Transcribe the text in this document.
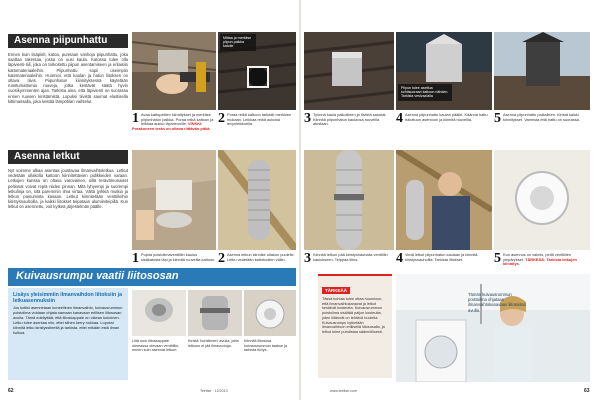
Asenna piipunhattu
Ennen kuin lisäpiirit, katoa, puretaan vanhoja piipunhattu, joka saattaa rakentaa, jossa on uusi kaula. Katossa tulee olla läpivienti-tiili, joka on tarkoitettu piipun asentamiseen ja erilaisiin kattomateriaaleihin. Piipunhattu sopii useimpiin katemateriaaleihin. Huomioi, että kaulan ja hatun liitoksen on oltava tiivis. Piipunhatun kiinnityksessä käytetään ruostumattomia ruuveja, jotka kestävät säätä hyvin vuosikymmenten ajan. Tarkista aina, että läpivienti on suorassa ennen ruuvien kiristämistä. Lopuksi tiivistä saumat elastisella kittimassalla, joka kestää lämpötilan vaihtelut.
Asenna letkut
Nyt voimme alkaa asentaa joustavaa ilmanvaihtoletkua. Letkut vedetään ullakolla kattoon kiinnitettävien pidikkeiden varaan. Letkujen kanssa on oltava varovainen, sillä teräväreunaiset peltiosat voivat repiä niiden pinnan. Mitä lyhyempi ja suorempi letkulinja on, sitä paremmin ilma virtaa. Vältä jyrkkiä mutkia ja letkun painumista kasaan. Letkut kiinnitetään venttiileihin kiristysnauhoilla, ja kaikki liitokset teipataan alumiiniteipillä. Kun letkut on asennettu, voit kytkeä järjestelmän päälle.
Mittaa ja merkitse piipun paikka katolle
1 Avaa kattopeltien kiinnitykset ja merkitse piipunhatun paikka. Poraa reikä kattoon ja leikkaa aukko läpiviennille. VINKKI: Porakoneen terän on oltava riittävän pitkä.
2 Poraa reikä kattoon tarkasti merkkien mukaan. Leikkaa reikä aukoksi levynleikkurilla.
1 Pujota poistoilmaventtiilin kaulus sisäkatosta läpi ja kiinnitä ruuveilla kattoon. 2 Asenna letkun kiinnike ullakon puolelle. Letku vedetään kattotuolien väliin.
Kuivausrumpu vaatii liitososan
Lisäys yleisimmiin ilmanvaihdon liitoksiin ja letkuasennuksiin
Jos kotiisi asennetaan koneellinen ilmanvaihto, kuivausrummun poistoilma voidaan ohjata samaan kanavaan erillisen liitososan avulla. Tämä edellyttää, että liitoskappale on oikean kokoinen. Letku tulee asentaa niin, ettei siihen kerry nukkaa. Lopuksi kiinnitä letku kiristyssiteellä ja tarkista, ettei mikään estä ilman kulkua.
Liitä uusi liitoskappale olemassa olevaan venttiiliin, ennen kuin asennat letkun.
Kiristä 'kuristimen' avulla, jotta letkuun ei jää ilmavuotoja.
Kiinnitä liitososa kuivausrummun taakse ja tarkista tiiviys.
62	Teeitse · 12/2013
Piipun tulee asettua kohtisuoraan kattoon nähden. Tarkista vesivaa'alla
3 Työnnä kaula paikoilleen ja tiivistä saumat. Kiinnitä piipunhatun kaulaosa ruuveilla alustaan.	4 Asenna piipunhattu kaulan päälle. Käännä hattu haluttuun asentoon ja kiinnitä ruuveilla.	5 Asenna piipunhattu paikalleen. Kiristä kaikki kiinnitykset. Varmista että hattu on suorassa.
3 Kiinnitä letkun pää kiristysnauhalla venttiilin kaulukseen. Teippaa liitos.	4 Vedä letkut piipunhatun kaulaan ja kiinnitä kiristysnauhoilla. Tarkista liitokset.	5 Kun asennus on valmis, peitä venttiilien ympärykset. TÄRKEÄÄ: Tarkista letkujen kiinnitys.
TÄRKEÄÄ
Tässä kohtaa tulee ottaa huomioon, että ilmanvaihtokanavat ja letkut kestävät kosteutta. Kuivausrummun poistoilma sisältää paljon kosteutta, joten liitännät on tehtävä huolella. Kuivausrumpu kytketään ilmanvaihtoon erillisellä liitososalla, ja letkut tulee puhdistaa säännöllisesti.
Tämän kuivausrummun poistoilma ohjataan ilmanvaihtokanavaan liitososan avulla.
63
www.teeitse.com
